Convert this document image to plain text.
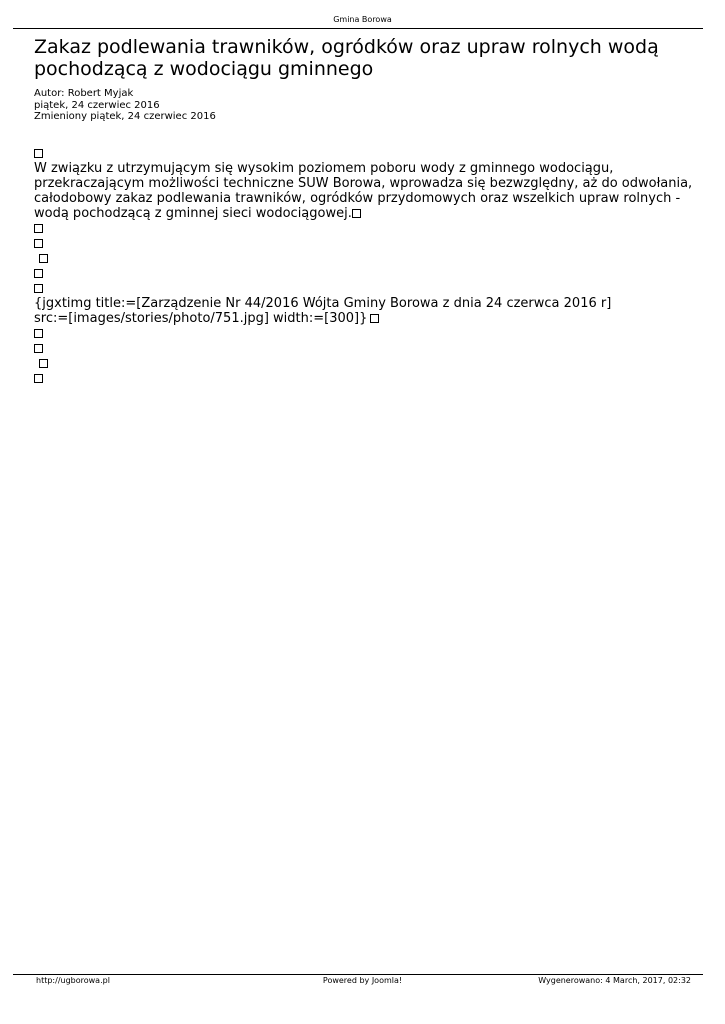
Gmina Borowa
Zakaz podlewania trawników, ogródków oraz upraw rolnych wodą pochodzącą z wodociągu gminnego
Autor: Robert Myjak
piątek, 24 czerwiec 2016
Zmieniony piątek, 24 czerwiec 2016
W związku z utrzymującym się wysokim poziomem poboru wody z gminnego wodociągu, przekraczającym możliwości techniczne SUW Borowa, wprowadza się bezwzględny, aż do odwołania, całodobowy zakaz podlewania trawników, ogródków przydomowych oraz wszelkich upraw rolnych - wodą pochodzącą z gminnej sieci wodociągowej.
{jgxtimg title:=[Zarządzenie Nr 44/2016 Wójta Gminy Borowa z dnia 24 czerwca 2016 r]
src:=[images/stories/photo/751.jpg] width:=[300]}
http://ugborowa.pl	Powered by Joomla!	Wygenerowano: 4 March, 2017, 02:32
